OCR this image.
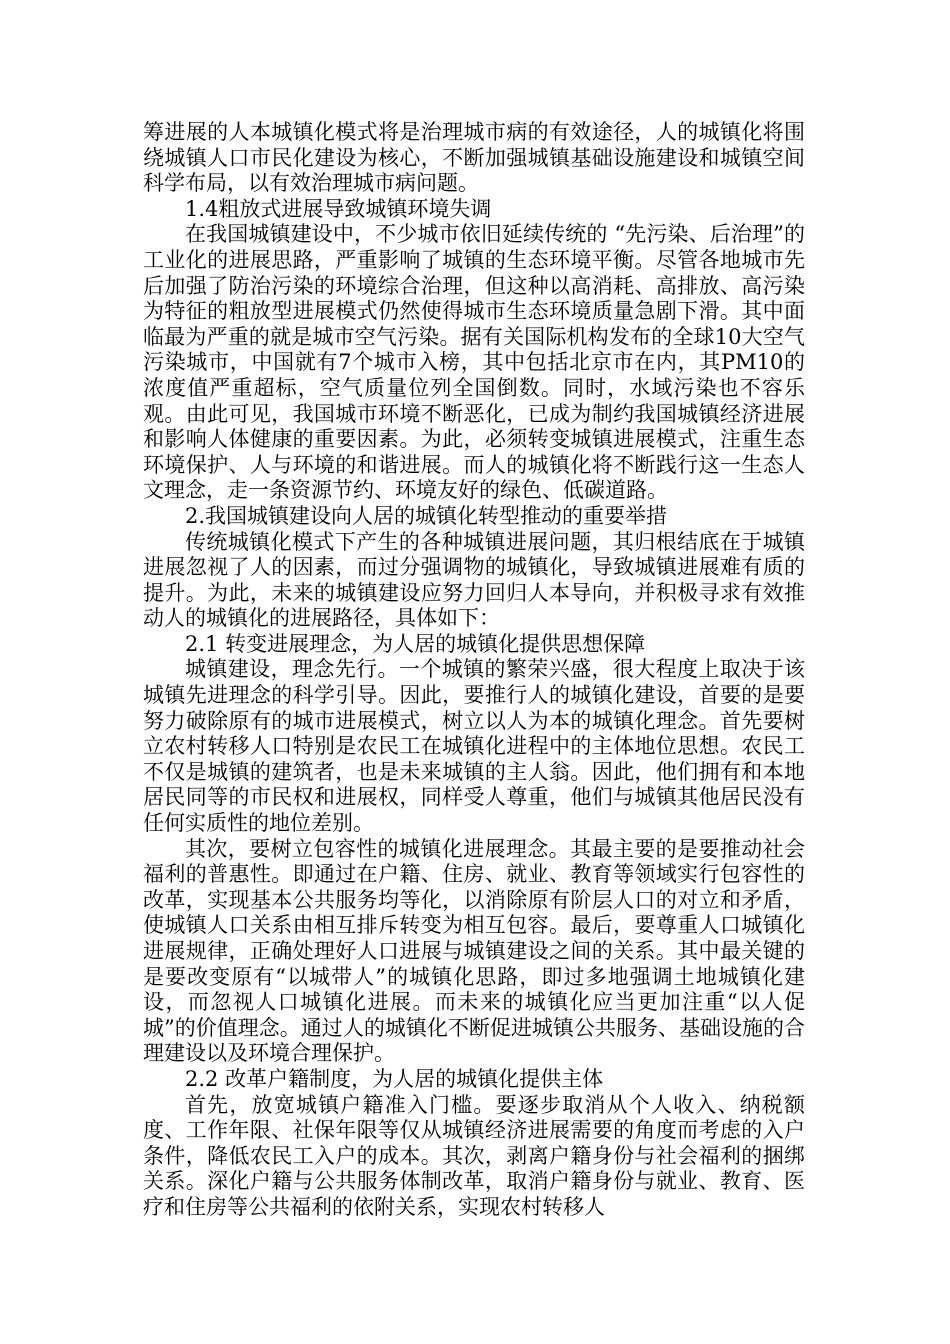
筹进展的人本城镇化模式将是治理城市病的有效途径，人的城镇化将围绕城镇人口市民化建设为核心，不断加强城镇基础设施建设和城镇空间科学布局，以有效治理城市病问题。

1.4粗放式进展导致城镇环境失调

在我国城镇建设中，不少城市依旧延续传统的 “先污染、后治理”的工业化的进展思路，严重影响了城镇的生态环境平衡。尽管各地城市先后加强了防治污染的环境综合治理，但这种以高消耗、高排放、高污染为特征的粗放型进展模式仍然使得城市生态环境质量急剧下滑。其中面临最为严重的就是城市空气污染。据有关国际机构发布的全球10大空气污染城市，中国就有7个城市入榜，其中包括北京市在内，其PM10的浓度值严重超标，空气质量位列全国倒数。同时，水域污染也不容乐观。由此可见，我国城市环境不断恶化，已成为制约我国城镇经济进展和影响人体健康的重要因素。为此，必须转变城镇进展模式，注重生态环境保护、人与环境的和谐进展。而人的城镇化将不断践行这一生态人文理念，走一条资源节约、环境友好的绿色、低碳道路。

2.我国城镇建设向人居的城镇化转型推动的重要举措

传统城镇化模式下产生的各种城镇进展问题，其归根结底在于城镇进展忽视了人的因素，而过分强调物的城镇化，导致城镇进展难有质的提升。为此，未来的城镇建设应努力回归人本导向，并积极寻求有效推动人的城镇化的进展路径，具体如下：

2.1 转变进展理念，为人居的城镇化提供思想保障

城镇建设，理念先行。一个城镇的繁荣兴盛，很大程度上取决于该城镇先进理念的科学引导。因此，要推行人的城镇化建设，首要的是要努力破除原有的城市进展模式，树立以人为本的城镇化理念。首先要树立农村转移人口特别是农民工在城镇化进程中的主体地位思想。农民工不仅是城镇的建筑者，也是未来城镇的主人翁。因此，他们拥有和本地居民同等的市民权和进展权，同样受人尊重，他们与城镇其他居民没有任何实质性的地位差别。

其次，要树立包容性的城镇化进展理念。其最主要的是要推动社会福利的普惠性。即通过在户籍、住房、就业、教育等领域实行包容性的改革，实现基本公共服务均等化，以消除原有阶层人口的对立和矛盾，使城镇人口关系由相互排斥转变为相互包容。最后，要尊重人口城镇化进展规律，正确处理好人口进展与城镇建设之间的关系。其中最关键的是要改变原有“以城带人”的城镇化思路，即过多地强调土地城镇化建设，而忽视人口城镇化进展。而未来的城镇化应当更加注重“以人促城”的价值理念。通过人的城镇化不断促进城镇公共服务、基础设施的合理建设以及环境合理保护。

2.2 改革户籍制度，为人居的城镇化提供主体

首先，放宽城镇户籍准入门槛。要逐步取消从个人收入、纳税额度、工作年限、社保年限等仅从城镇经济进展需要的角度而考虑的入户条件，降低农民工入户的成本。其次，剥离户籍身份与社会福利的捆绑关系。深化户籍与公共服务体制改革，取消户籍身份与就业、教育、医疗和住房等公共福利的依附关系，实现农村转移人
